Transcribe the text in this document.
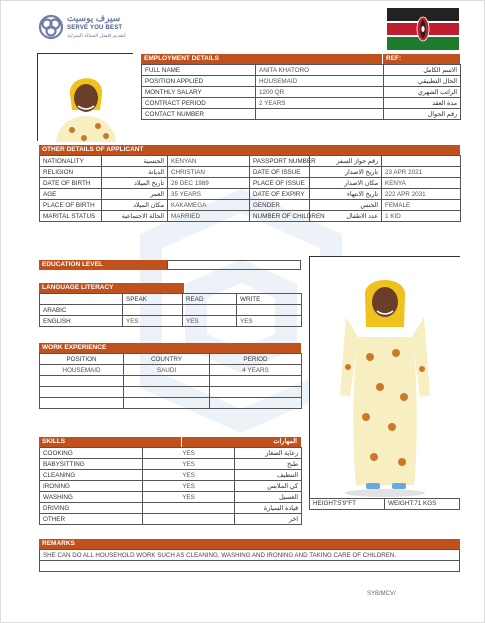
سيرف يوسيت
SERVE YOU BEST
لتقديم افضل العمالة المنزلية
EMPLOYMENT DETAILS	REF:
FULL NAME	ANITA KHATORO	الاسم الكامل
POSITION APPLIED	HOUSEMAID	الحال التطبيقي
MONTHLY SALARY	1200 QR	الراتب الشهري
CONTRACT PERIOD	2 YEARS	مدة العقد
CONTACT NUMBER		رقم الجوال
OTHER DETAILS OF APPLICANT
NATIONALITY	الجنسية	KENYAN	PASSPORT NUMBER	رقم جواز السفر	
RELIGION	الديانة	CHRISTIAN	DATE OF ISSUE	تاريخ الاصدار	23 APR 2021
DATE OF BIRTH	تاريخ الميلاد	26 DEC 1989	PLACE OF ISSUE	مكان الاصدار	KENYA
AGE	العمر	35 YEARS	DATE OF EXPIRY	تاريخ الانتهاء	222 APR 2031
PLACE OF BIRTH	مكان الميلاد	KAKAMEGA	GENDER	الجنس	FEMALE
MARITAL STATUS	الحالة الاجتماعية	MARRIED	NUMBER OF CHILDREN	عدد الاطفال	1 KID
EDUCATION LEVEL
LANGUAGE LITERACY
	SPEAK	READ	WRITE
ARABIC			
ENGLISH	YES	YES	YES
WORK EXPERIENCE
POSITION	COUNTRY	PERIOD
HOUSEMAID	SAUDI	4 YEARS

SKILLS	المهارات
COOKING	YES	رعاية الصغار
BABYSITTING	YES	طبخ
CLEANING	YES	التنظيف
IRONING	YES	كي الملابس
WASHING	YES	الغسيل
DRIVING		قيادة السيارة
OTHER		اخر
HEIGHT:5'9"FT	WEIGHT:71 KGS
REMARKS
SHE CAN DO ALL HOUSEHOLD WORK SUCH AS CLEANING, WASHING AND IRONING AND TAKING CARE OF CHILDREN.
SYB/MCV/
